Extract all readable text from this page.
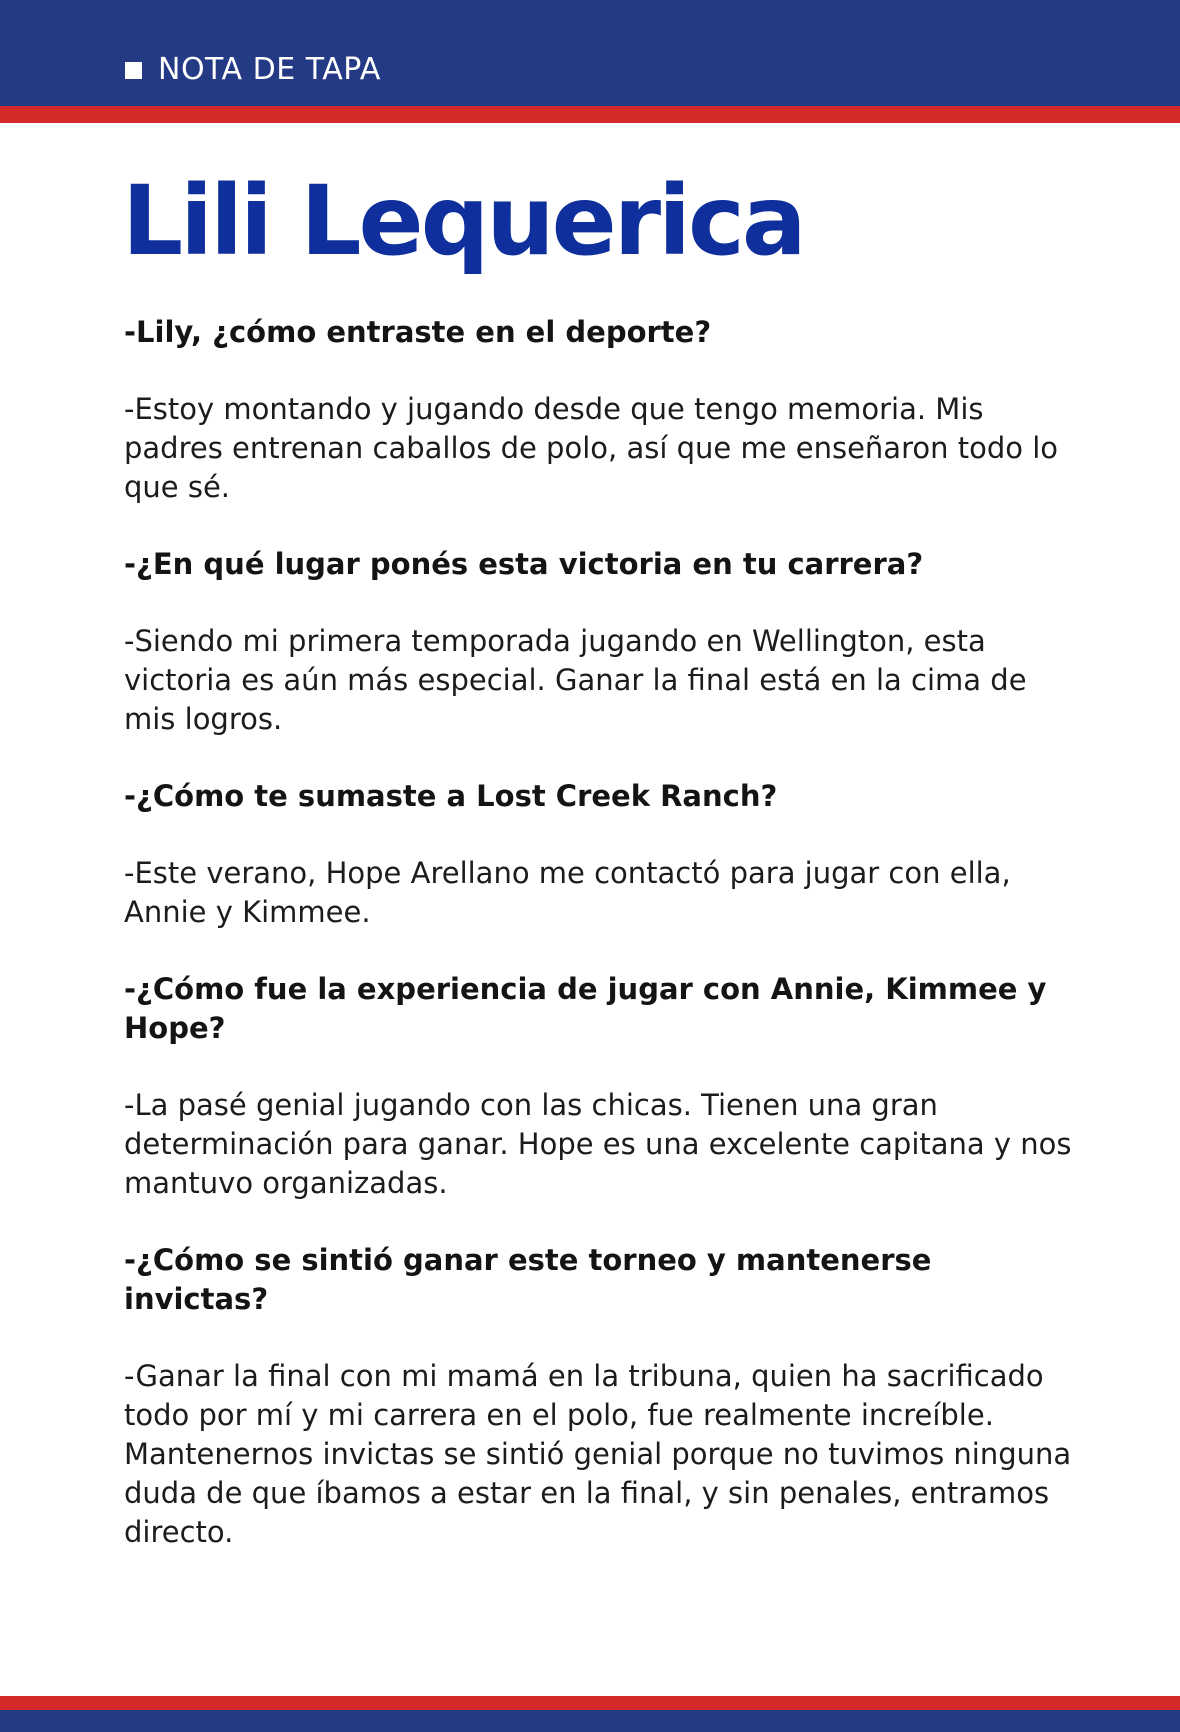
NOTA DE TAPA
Lili Lequerica

-Lily, ¿cómo entraste en el deporte?

-Estoy montando y jugando desde que tengo memoria. Mis padres entrenan caballos de polo, así que me enseñaron todo lo que sé.

-¿En qué lugar ponés esta victoria en tu carrera?

-Siendo mi primera temporada jugando en Wellington, esta victoria es aún más especial. Ganar la final está en la cima de mis logros.

-¿Cómo te sumaste a Lost Creek Ranch?

-Este verano, Hope Arellano me contactó para jugar con ella, Annie y Kimmee.

-¿Cómo fue la experiencia de jugar con Annie, Kimmee y Hope?

-La pasé genial jugando con las chicas. Tienen una gran determinación para ganar. Hope es una excelente capitana y nos mantuvo organizadas.

-¿Cómo se sintió ganar este torneo y mantenerse invictas?

-Ganar la final con mi mamá en la tribuna, quien ha sacrificado todo por mí y mi carrera en el polo, fue realmente increíble. Mantenernos invictas se sintió genial porque no tuvimos ninguna duda de que íbamos a estar en la final, y sin penales, entramos directo.
